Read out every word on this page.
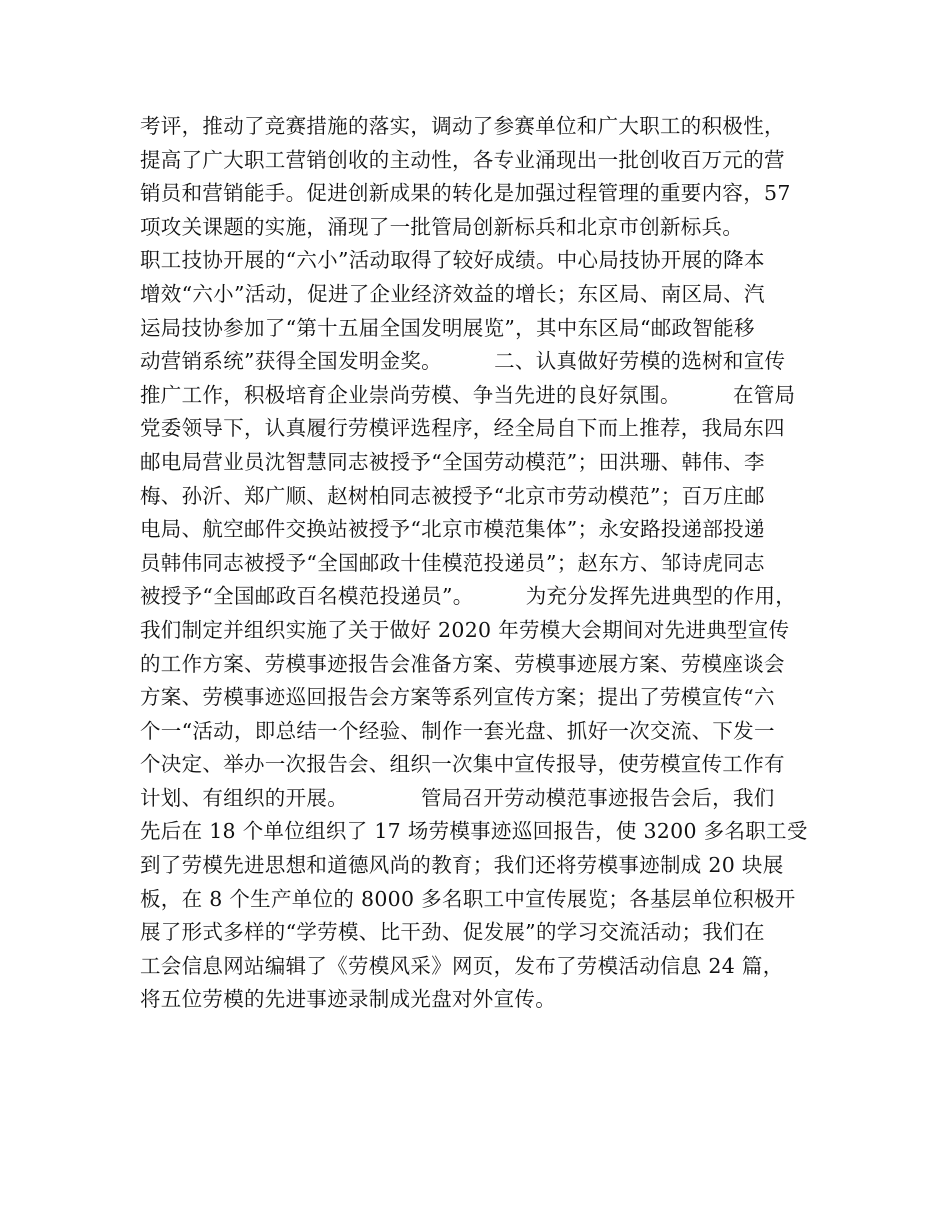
考评，推动了竞赛措施的落实，调动了参赛单位和广大职工的积极性，
提高了广大职工营销创收的主动性，各专业涌现出一批创收百万元的营
销员和营销能手。促进创新成果的转化是加强过程管理的重要内容，57
项攻关课题的实施，涌现了一批管局创新标兵和北京市创新标兵。
职工技协开展的“六小”活动取得了较好成绩。中心局技协开展的降本
增效“六小”活动，促进了企业经济效益的增长；东区局、南区局、汽
运局技协参加了“第十五届全国发明展览”，其中东区局“邮政智能移
动营销系统”获得全国发明金奖。　　　二、认真做好劳模的选树和宣传
推广工作，积极培育企业崇尚劳模、争当先进的良好氛围。　　　在管局
党委领导下，认真履行劳模评选程序，经全局自下而上推荐，我局东四
邮电局营业员沈智慧同志被授予“全国劳动模范”；田洪珊、韩伟、李
梅、孙沂、郑广顺、赵树柏同志被授予“北京市劳动模范”；百万庄邮
电局、航空邮件交换站被授予“北京市模范集体”；永安路投递部投递
员韩伟同志被授予“全国邮政十佳模范投递员”；赵东方、邹诗虎同志
被授予“全国邮政百名模范投递员”。　　　为充分发挥先进典型的作用，
我们制定并组织实施了关于做好 2020 年劳模大会期间对先进典型宣传
的工作方案、劳模事迹报告会准备方案、劳模事迹展方案、劳模座谈会
方案、劳模事迹巡回报告会方案等系列宣传方案；提出了劳模宣传“六
个一“活动，即总结一个经验、制作一套光盘、抓好一次交流、下发一
个决定、举办一次报告会、组织一次集中宣传报导，使劳模宣传工作有
计划、有组织的开展。　　　　管局召开劳动模范事迹报告会后，我们
先后在 18 个单位组织了 17 场劳模事迹巡回报告，使 3200 多名职工受
到了劳模先进思想和道德风尚的教育；我们还将劳模事迹制成 20 块展
板，在 8 个生产单位的 8000 多名职工中宣传展览；各基层单位积极开
展了形式多样的“学劳模、比干劲、促发展”的学习交流活动；我们在
工会信息网站编辑了《劳模风采》网页，发布了劳模活动信息 24 篇，
将五位劳模的先进事迹录制成光盘对外宣传。
